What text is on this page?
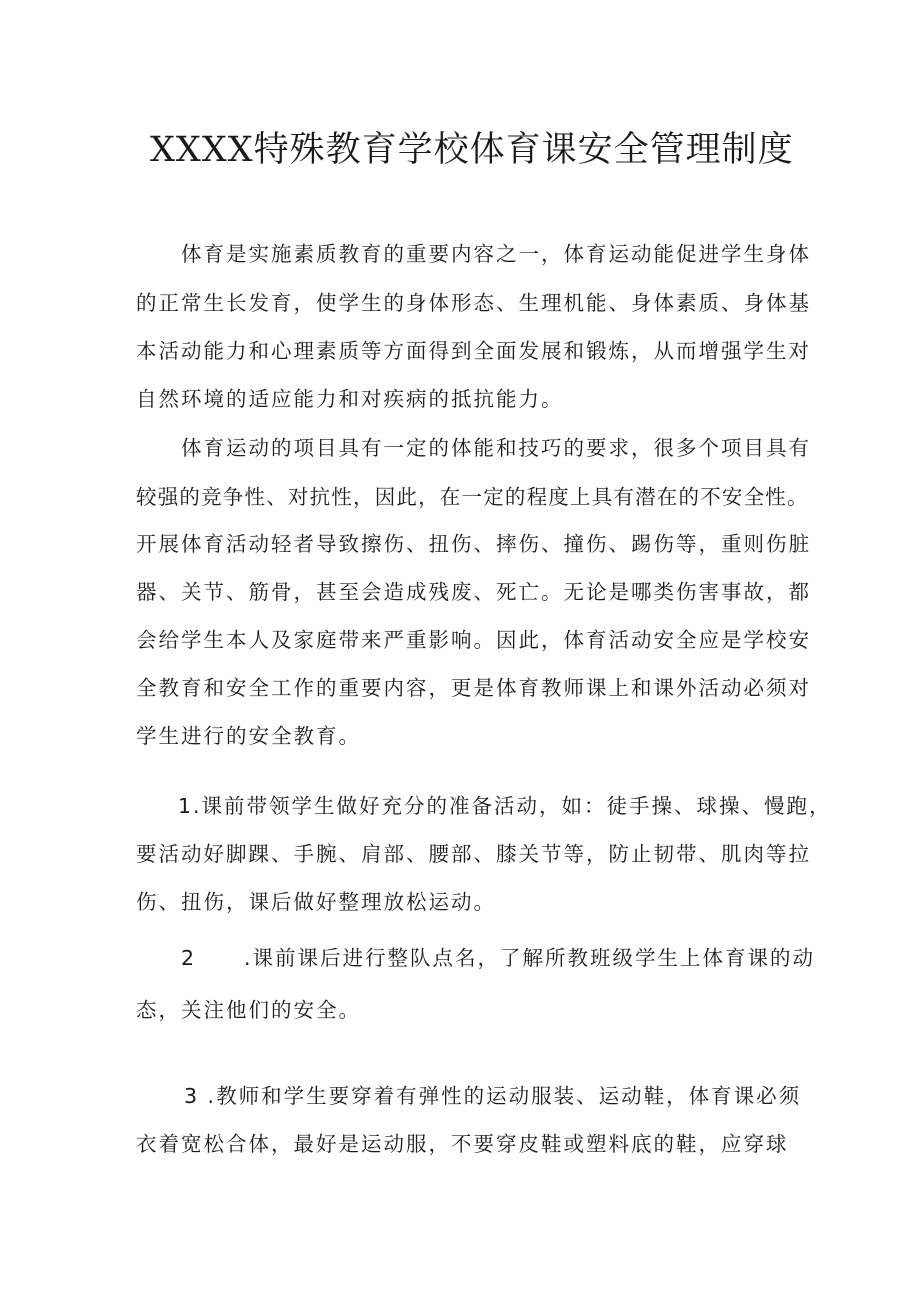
XXXX特殊教育学校体育课安全管理制度
体育是实施素质教育的重要内容之一，体育运动能促进学生身体
的正常生长发育，使学生的身体形态、生理机能、身体素质、身体基
本活动能力和心理素质等方面得到全面发展和锻炼，从而增强学生对
自然环境的适应能力和对疾病的抵抗能力。
体育运动的项目具有一定的体能和技巧的要求，很多个项目具有
较强的竞争性、对抗性，因此，在一定的程度上具有潜在的不安全性。
开展体育活动轻者导致擦伤、扭伤、摔伤、撞伤、踢伤等，重则伤脏
器、关节、筋骨，甚至会造成残废、死亡。无论是哪类伤害事故，都
会给学生本人及家庭带来严重影响。因此，体育活动安全应是学校安
全教育和安全工作的重要内容，更是体育教师课上和课外活动必须对
学生进行的安全教育。
1.课前带领学生做好充分的准备活动，如：徒手操、球操、慢跑，
要活动好脚踝、手腕、肩部、腰部、膝关节等，防止韧带、肌肉等拉
伤、扭伤，课后做好整理放松运动。
2	.课前课后进行整队点名，了解所教班级学生上体育课的动
态，关注他们的安全。
3 .教师和学生要穿着有弹性的运动服装、运动鞋，体育课必须
衣着宽松合体，最好是运动服，不要穿皮鞋或塑料底的鞋，应穿球
